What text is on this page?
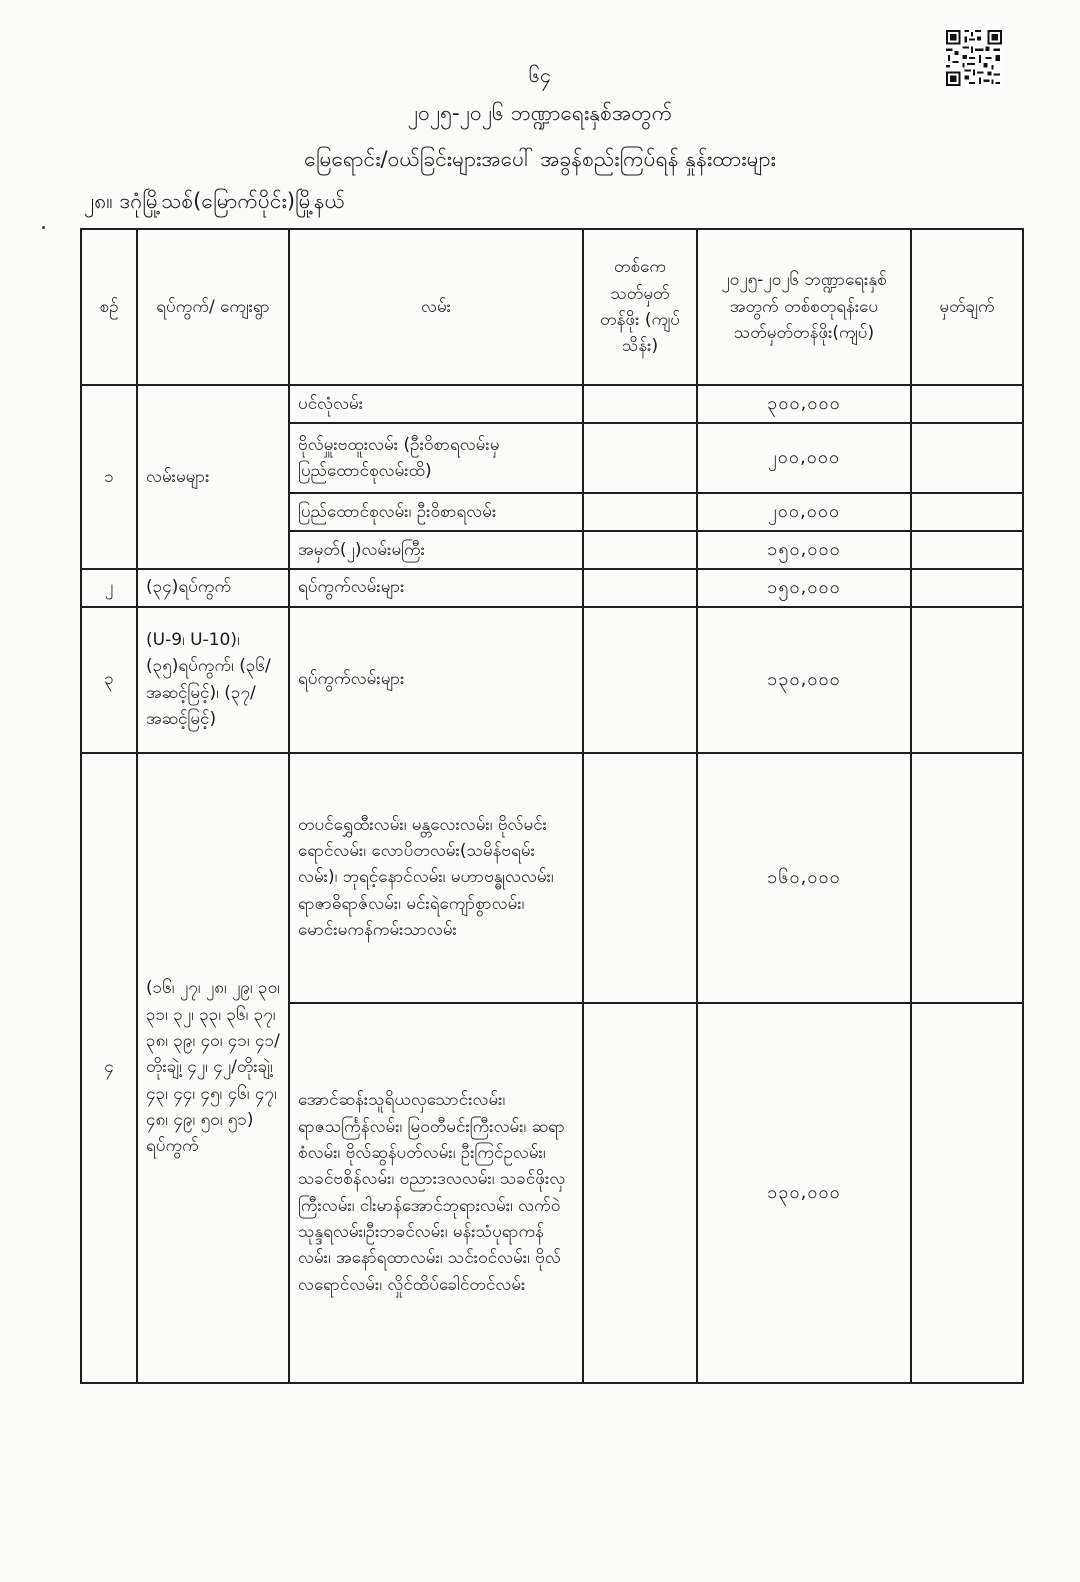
၆၄
၂၀၂၅-၂၀၂၆ ဘဏ္ဍာရေးနှစ်အတွက်
မြေရောင်း/ဝယ်ခြင်းများအပေါ် အခွန်စည်းကြပ်ရန် နှုန်းထားများ
၂၈။ ဒဂုံမြို့သစ်(မြောက်ပိုင်း)မြို့နယ်
စဉ်	ရပ်ကွက်/ ကျေးရွာ	လမ်း	တစ်ကေ သတ်မှတ် တန်ဖိုး (ကျပ်သိန်း)	၂၀၂၅-၂၀၂၆ ဘဏ္ဍာရေးနှစ်အတွက် တစ်စတုရန်းပေ သတ်မှတ်တန်ဖိုး(ကျပ်)	မှတ်ချက်
၁	လမ်းမများ	ပင်လုံလမ်း		၃၀၀,၀၀၀	
		ဗိုလ်မှူးဗထူးလမ်း (ဦးဝိစာရလမ်းမှပြည်ထောင်စုလမ်းထိ)		၂၀၀,၀၀၀	
		ပြည်ထောင်စုလမ်း၊ ဦးဝိစာရလမ်း		၂၀၀,၀၀၀	
		အမှတ်(၂)လမ်းမကြီး		၁၅၀,၀၀၀	
၂	(၃၄)ရပ်ကွက်	ရပ်ကွက်လမ်းများ		၁၅၀,၀၀၀	
၃	(U-9၊ U-10)၊ (၃၅)ရပ်ကွက်၊ (၃၆/အဆင့်မြင့်)၊ (၃၇/အဆင့်မြင့်)	ရပ်ကွက်လမ်းများ		၁၃၀,၀၀၀	
၄	(၁၆၊ ၂၇၊ ၂၈၊ ၂၉၊ ၃၀၊ ၃၁၊ ၃၂၊ ၃၃၊ ၃၆၊ ၃၇၊ ၃၈၊ ၃၉၊ ၄၀၊ ၄၁၊ ၄၁/တိုးချဲ့၊ ၄၂၊ ၄၂/တိုးချဲ့၊ ၄၃၊ ၄၄၊ ၄၅၊ ၄၆၊ ၄၇၊ ၄၈၊ ၄၉၊ ၅၀၊ ၅၁) ရပ်ကွက်	တပင်ရွှေထီးလမ်း၊ မန္တလေးလမ်း၊ ဗိုလ်မင်းရောင်လမ်း၊ လောပိတလမ်း(သမိန်ဗရမ်းလမ်း)၊ ဘုရင့်နောင်လမ်း၊ မဟာဗန္ဓုလလမ်း၊ ရာဇာဓိရာဇ်လမ်း၊ မင်းရဲကျော်စွာလမ်း၊ မောင်းမကန်ကမ်းသာလမ်း		၁၆၀,၀၀၀	
		အောင်ဆန်းသူရိယလှသောင်းလမ်း၊ ရာဇသင်္ကြန်လမ်း၊ မြဝတီမင်းကြီးလမ်း၊ ဆရာစံလမ်း၊ ဗိုလ်ဆွန်ပတ်လမ်း၊ ဦးကြင်ဥလမ်း၊ သခင်ဗစိန်လမ်း၊ ဗညားဒလလမ်း၊ သခင်ဖိုးလှကြီးလမ်း၊ ငါးမာန်အောင်ဘုရားလမ်း၊ လက်ဝဲသုန္ဒရလမ်း၊ဦးဘခင်လမ်း၊ မန်းသံပုရာကန်လမ်း၊ အနော်ရထာလမ်း၊ သင်းဝင်လမ်း၊ ဗိုလ်လရောင်လမ်း၊ လှိုင်ထိပ်ခေါင်တင်လမ်း		၁၃၀,၀၀၀	
